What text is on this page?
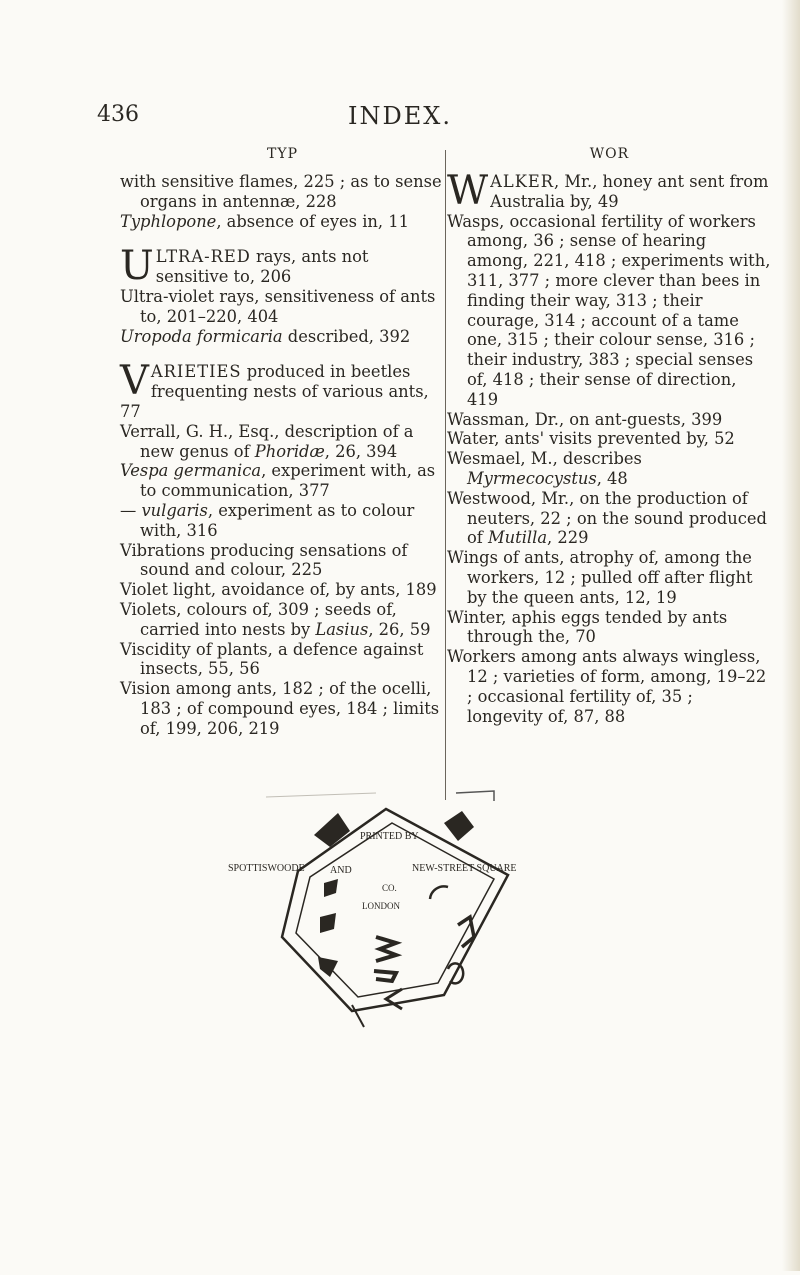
436	INDEX.
TYP

with sensitive flames, 225 ; as to sense organs in antennæ, 228

Typhlopone, absence of eyes in, 11

ULTRA-RED rays, ants not sensitive to, 206

Ultra-violet rays, sensitiveness of ants to, 201–220, 404

Uropoda formicaria described, 392

VARIETIES produced in beetles frequenting nests of various ants, 77

Verrall, G. H., Esq., description of a new genus of Phoridæ, 26, 394

Vespa germanica, experiment with, as to communication, 377

— vulgaris, experiment as to colour with, 316

Vibrations producing sensations of sound and colour, 225

Violet light, avoidance of, by ants, 189

Violets, colours of, 309 ; seeds of, carried into nests by Lasius, 26, 59

Viscidity of plants, a defence against insects, 55, 56

Vision among ants, 182 ; of the ocelli, 183 ; of compound eyes, 184 ; limits of, 199, 206, 219

WOR

WALKER, Mr., honey ant sent from Australia by, 49

Wasps, occasional fertility of workers among, 36 ; sense of hearing among, 221, 418 ; experiments with, 311, 377 ; more clever than bees in finding their way, 313 ; their courage, 314 ; account of a tame one, 315 ; their colour sense, 316 ; their industry, 383 ; special senses of, 418 ; their sense of direction, 419

Wassman, Dr., on ant-guests, 399

Water, ants' visits prevented by, 52

Wesmael, M., describes Myrmecocystus, 48

Westwood, Mr., on the production of neuters, 22 ; on the sound produced of Mutilla, 229

Wings of ants, atrophy of, among the workers, 12 ; pulled off after flight by the queen ants, 12, 19

Winter, aphis eggs tended by ants through the, 70

Workers among ants always wingless, 12 ; varieties of form, among, 19–22 ; occasional fertility of, 35 ; longevity of, 87, 88

PRINTED BY
SPOTTISWOODE	AND
CO.
NEW-STREET SQUARE
LONDON
